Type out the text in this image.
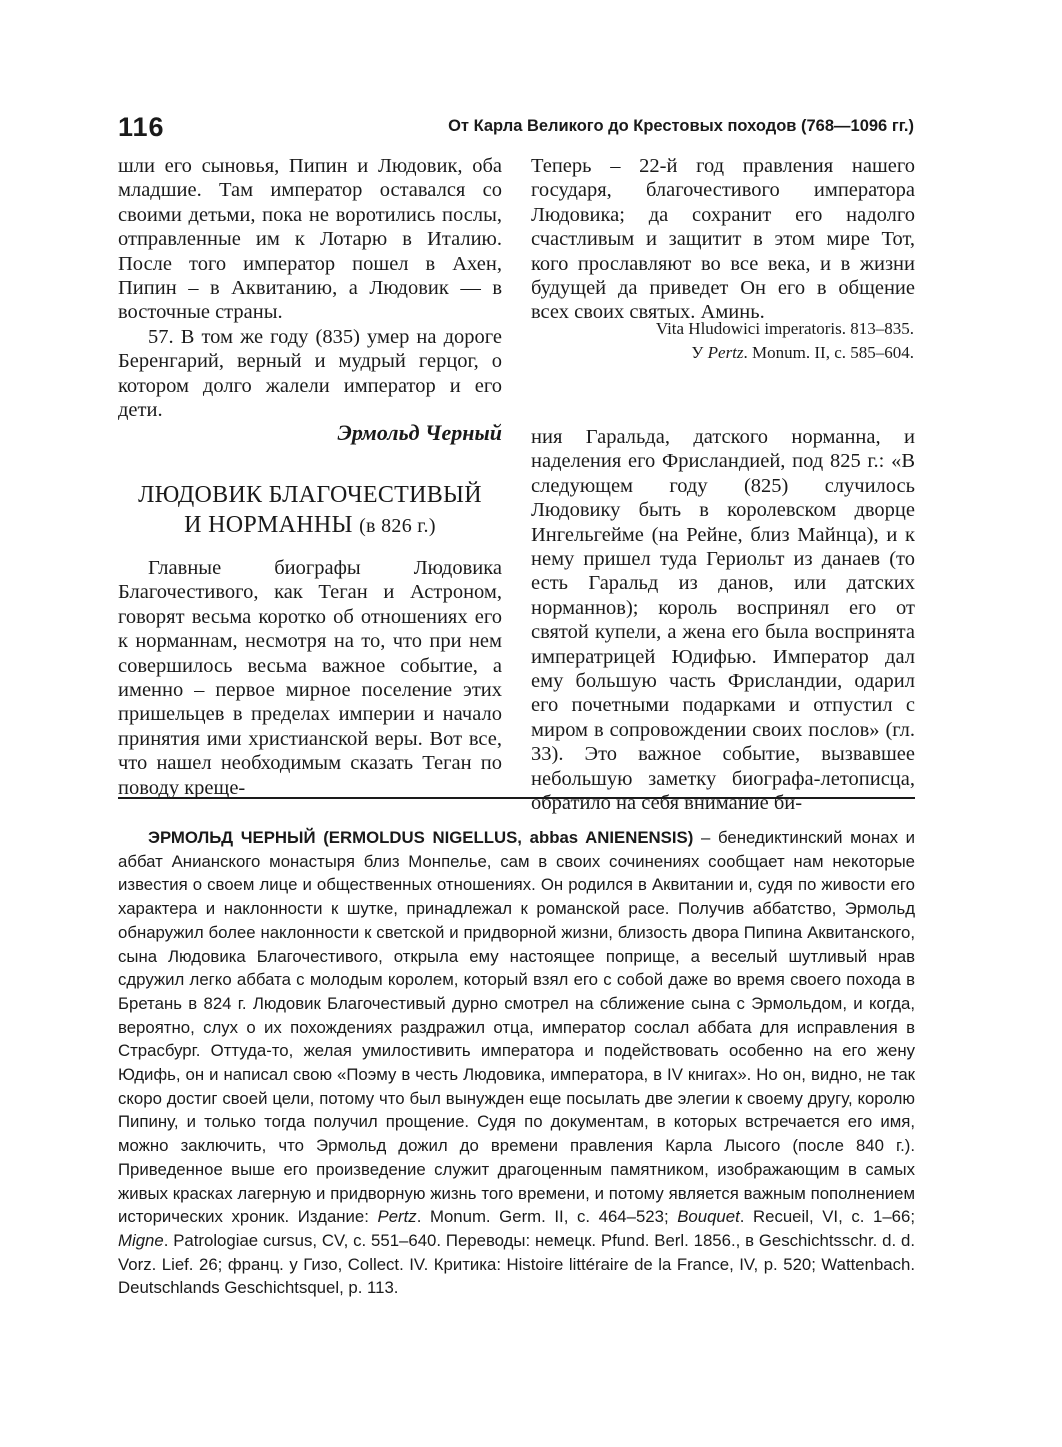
116	От Карла Великого до Крестовых походов (768—1096 гг.)

шли его сыновья, Пипин и Людовик, оба младшие. Там император оставался со своими детьми, пока не воротились послы, отправленные им к Лотарю в Италию. После того император пошел в Ахен, Пипин – в Аквитанию, а Людовик — в восточные страны.

57. В том же году (835) умер на дороге Беренгарий, верный и мудрый герцог, о котором долго жалели император и его дети.

Теперь – 22-й год правления нашего государя, благочестивого императора Людовика; да сохранит его надолго счастливым и защитит в этом мире Тот, кого прославляют во все века, и в жизни будущей да приведет Он его в общение всех своих святых. Аминь.

Vita Hludowici imperatoris. 813–835.
У Pertz. Monum. II, c. 585–604.
Эрмольд Черный
ЛЮДОВИК БЛАГОЧЕСТИВЫЙ
И НОРМАННЫ (в 826 г.)

Главные биографы Людовика Благочестивого, как Теган и Астроном, говорят весьма коротко об отношениях его к норманнам, несмотря на то, что при нем совершилось весьма важное событие, а именно – первое мирное поселение этих пришельцев в пределах империи и начало принятия ими христианской веры. Вот все, что нашел необходимым сказать Теган по поводу креще-

ния Гаральда, датского норманна, и наделения его Фрисландией, под 825 г.: «В следующем году (825) случилось Людовику быть в королевском дворце Ингельгейме (на Рейне, близ Майнца), и к нему пришел туда Гериольт из данаев (то есть Гаральд из данов, или датских норманнов); король воспринял его от святой купели, а жена его была воспринята императрицей Юдифью. Император дал ему большую часть Фрисландии, одарил его почетными подарками и отпустил с миром в сопровождении своих послов» (гл. 33). Это важное событие, вызвавшее небольшую заметку биографа-летописца, обратило на себя внимание би-

ЭРМОЛЬД ЧЕРНЫЙ (ERMOLDUS NIGELLUS, abbas ANIENENSIS) – бенедиктинский монах и аббат Анианского монастыря близ Монпелье, сам в своих сочинениях сообщает нам некоторые известия о своем лице и общественных отношениях. Он родился в Аквитании и, судя по живости его характера и наклонности к шутке, принадлежал к романской расе. Получив аббатство, Эрмольд обнаружил более наклонности к светской и придворной жизни, близость двора Пипина Аквитанского, сына Людовика Благочестивого, открыла ему настоящее поприще, а веселый шутливый нрав сдружил легко аббата с молодым королем, который взял его с собой даже во время своего похода в Бретань в 824 г. Людовик Благочестивый дурно смотрел на сближение сына с Эрмольдом, и когда, вероятно, слух о их похождениях раздражил отца, император сослал аббата для исправления в Страсбург. Оттуда-то, желая умилостивить императора и подействовать особенно на его жену Юдифь, он и написал свою «Поэму в честь Людовика, императора, в IV книгах». Но он, видно, не так скоро достиг своей цели, потому что был вынужден еще посылать две элегии к своему другу, королю Пипину, и только тогда получил прощение. Судя по документам, в которых встречается его имя, можно заключить, что Эрмольд дожил до времени правления Карла Лысого (после 840 г.). Приведенное выше его произведение служит драгоценным памятником, изображающим в самых живых красках лагерную и придворную жизнь того времени, и потому является важным пополнением исторических хроник. Издание: Pertz. Monum. Germ. II, c. 464–523; Bouquet. Recueil, VI, c. 1–66; Migne. Patrologiae cursus, CV, c. 551–640. Переводы: немецк. Pfund. Berl. 1856., в Geschichtsschr. d. d. Vorz. Lief. 26; франц. у Гизо, Collect. IV. Критика: Histoire littéraire de la France, IV, p. 520; Wattenbach. Deutschlands Geschichtsquel, p. 113.
